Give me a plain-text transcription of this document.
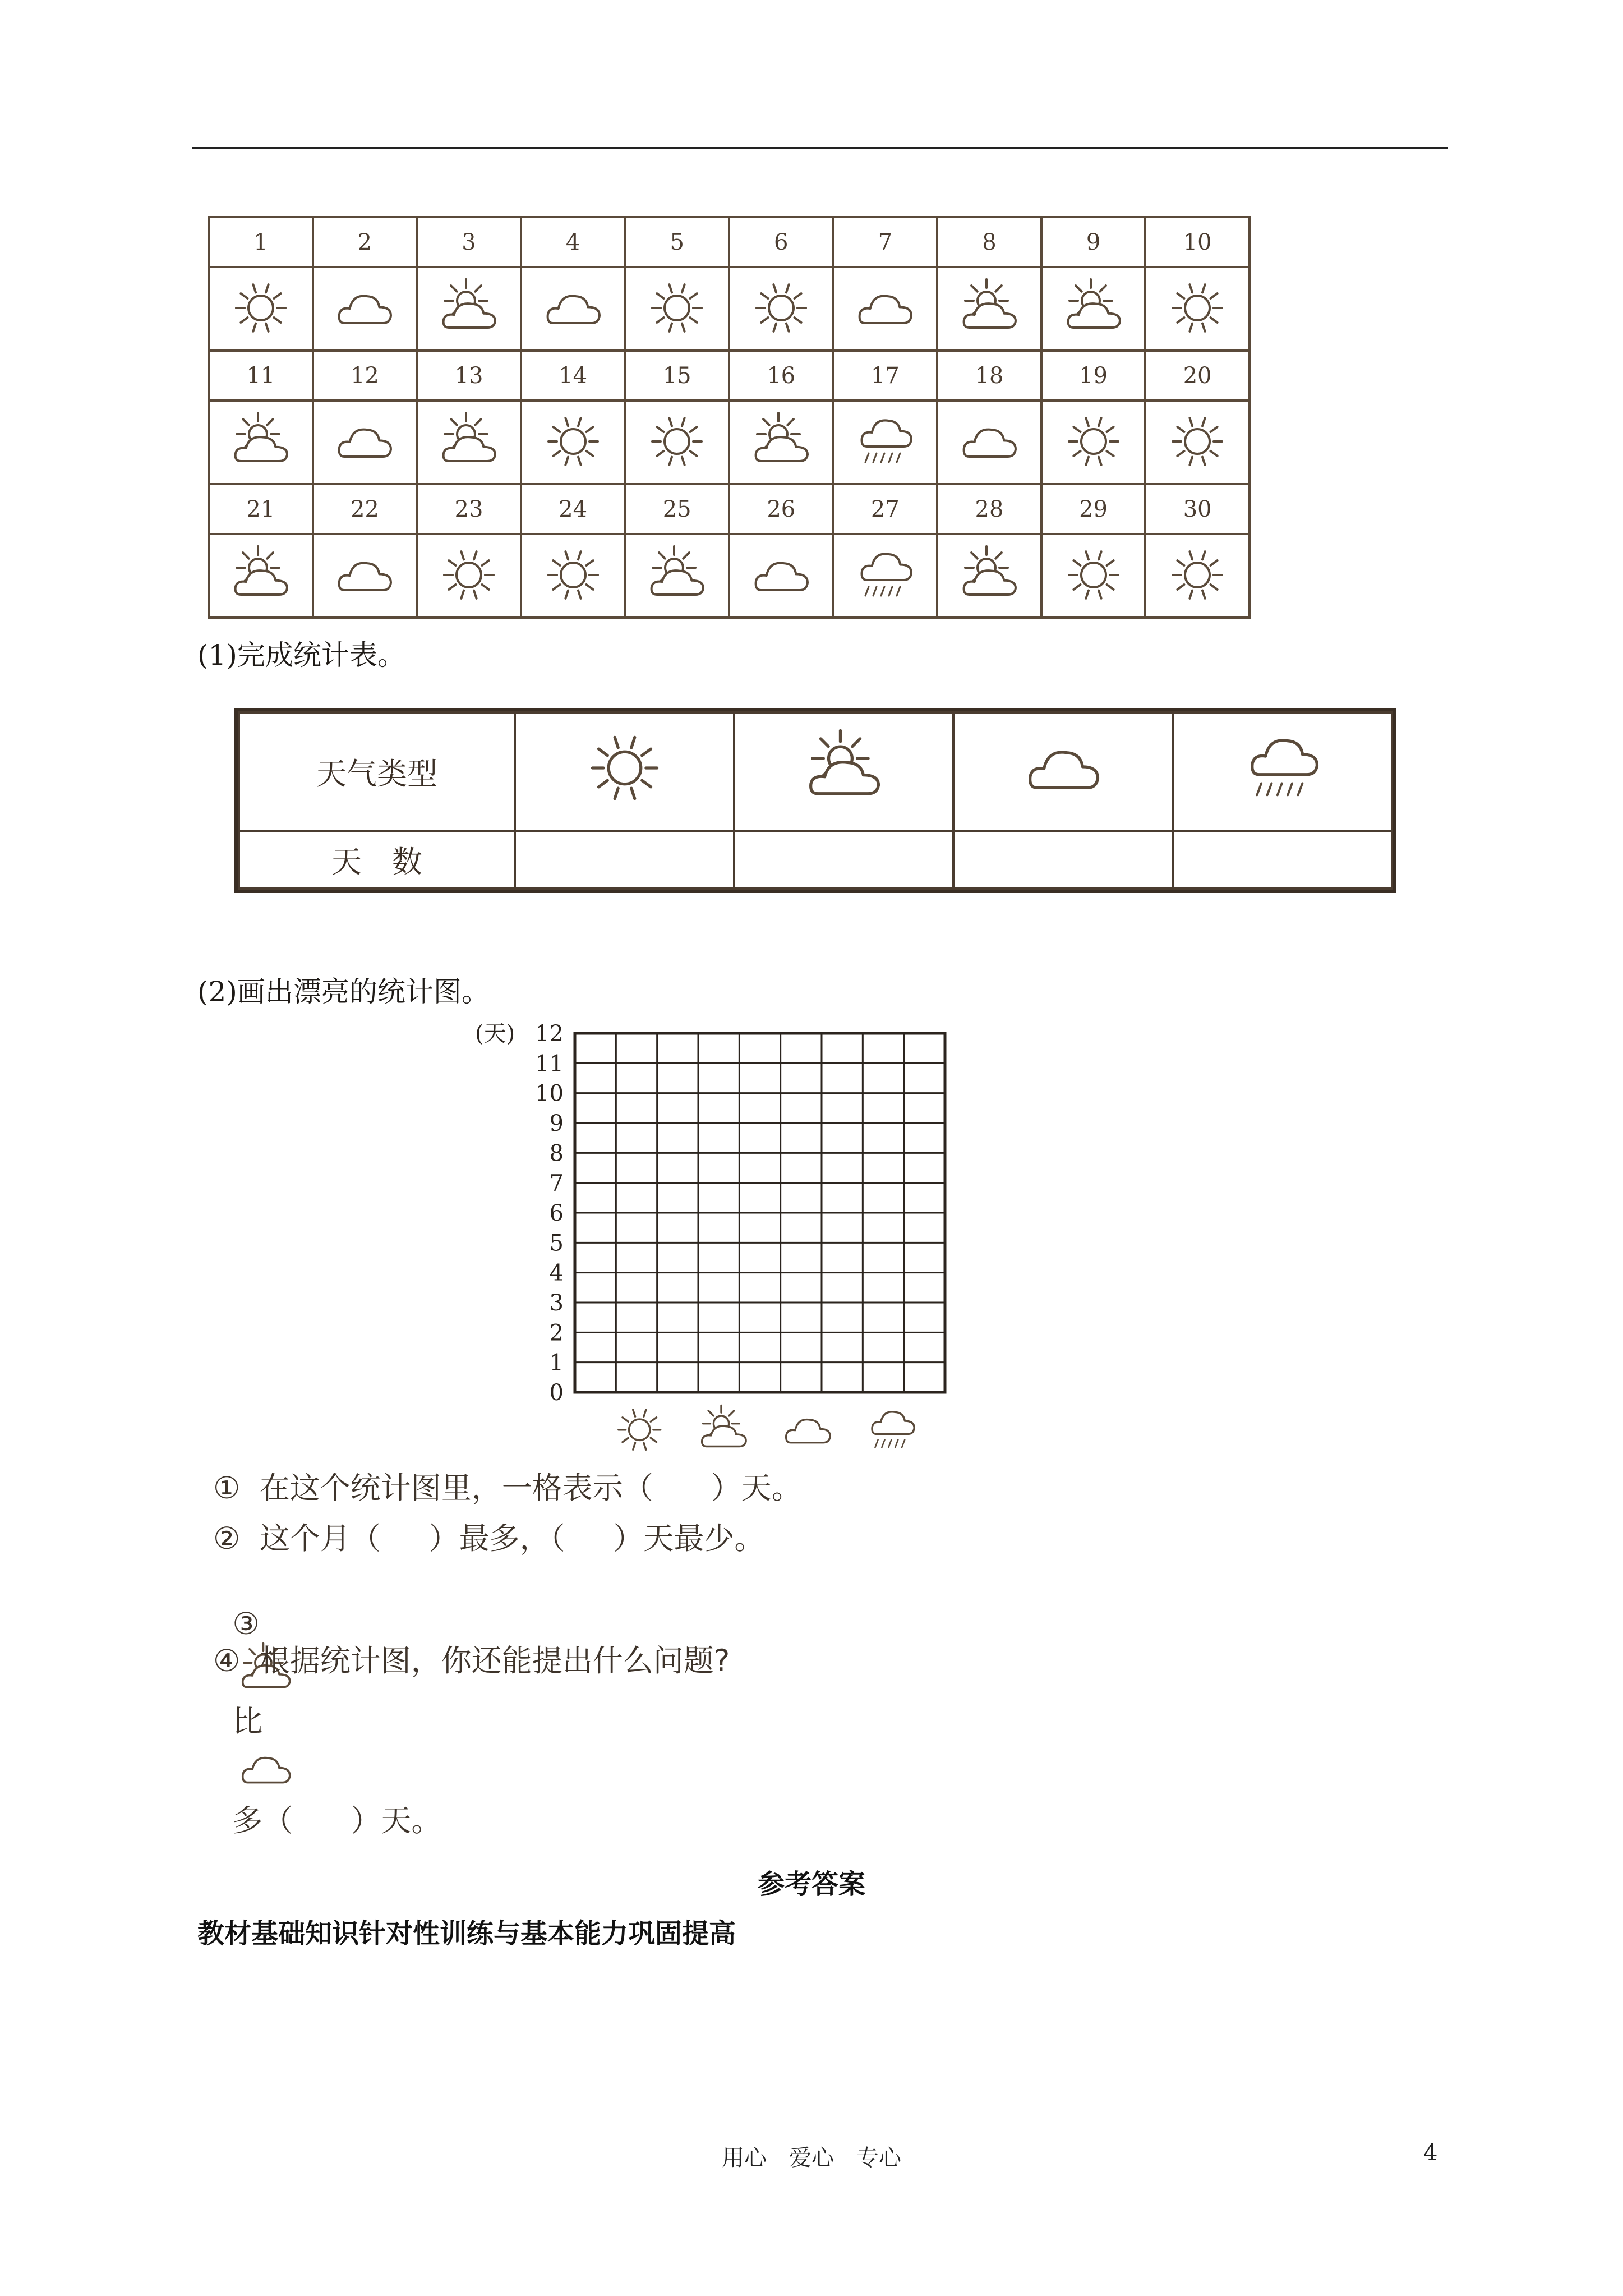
1	2	3	4	5	6	7	8	9	10

11	12	13	14	15	16	17	18	19	20

21	22	23	24	25	26	27	28	29	30

(1)完成统计表。
天气类型				
天　数				
(2)画出漂亮的统计图。
0
1
2
3
4
5
6
7
8
9
10
11
12
(天)
①  在这个统计图里，一格表示（      ）天。
②  这个月（     ）最多，（     ）天最少。

③

比

多（      ）天。

④  根据统计图，你还能提出什么问题?
参考答案
教材基础知识针对性训练与基本能力巩固提高
用心　爱心　专心	4
